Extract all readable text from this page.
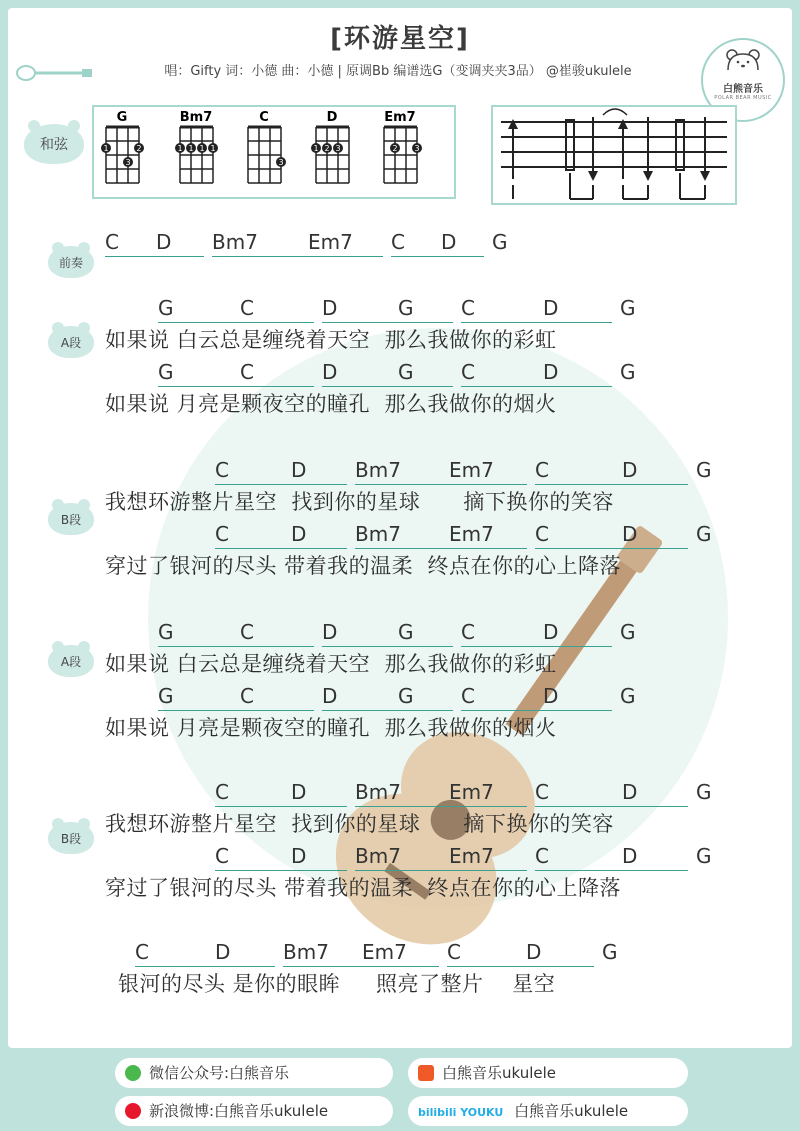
[环游星空]
唱：Gifty 词：小德 曲：小德 | 原调Bb 编谱选G（变调夹夹3品） @崔骏ukulele
白熊音乐
POLAR BEAR MUSIC
和弦
G
1
3
2
Bm7
1 1 1 1
C
3
D
1 2 3
Em7
2 3
前奏
A段
B段
A段
B段
C D Bm7	Em7 C D G
G	C	D	G C	D	G
如果说 白云总是缠绕着天空  那么我做你的彩虹
G	C	D	G C	D	G
如果说 月亮是颗夜空的瞳孔  那么我做你的烟火
C	D Bm7 Em7 C	D	G
我想环游整片星空  找到你的星球      摘下换你的笑容
C	D Bm7 Em7 C	D	G
穿过了银河的尽头 带着我的温柔  终点在你的心上降落
G	C	D	G C	D	G
如果说 白云总是缠绕着天空  那么我做你的彩虹
G	C	D	G C	D	G
如果说 月亮是颗夜空的瞳孔  那么我做你的烟火
C	D Bm7 Em7 C	D	G
我想环游整片星空  找到你的星球      摘下换你的笑容
C	D Bm7 Em7 C	D	G
穿过了银河的尽头 带着我的温柔  终点在你的心上降落
C	D	Bm7 Em7 C	D	G
银河的尽头 是你的眼眸     照亮了整片    星空
微信公众号:白熊音乐	白熊音乐ukulele
新浪微博:白熊音乐ukulele	bilibili YOUKU 白熊音乐ukulele
